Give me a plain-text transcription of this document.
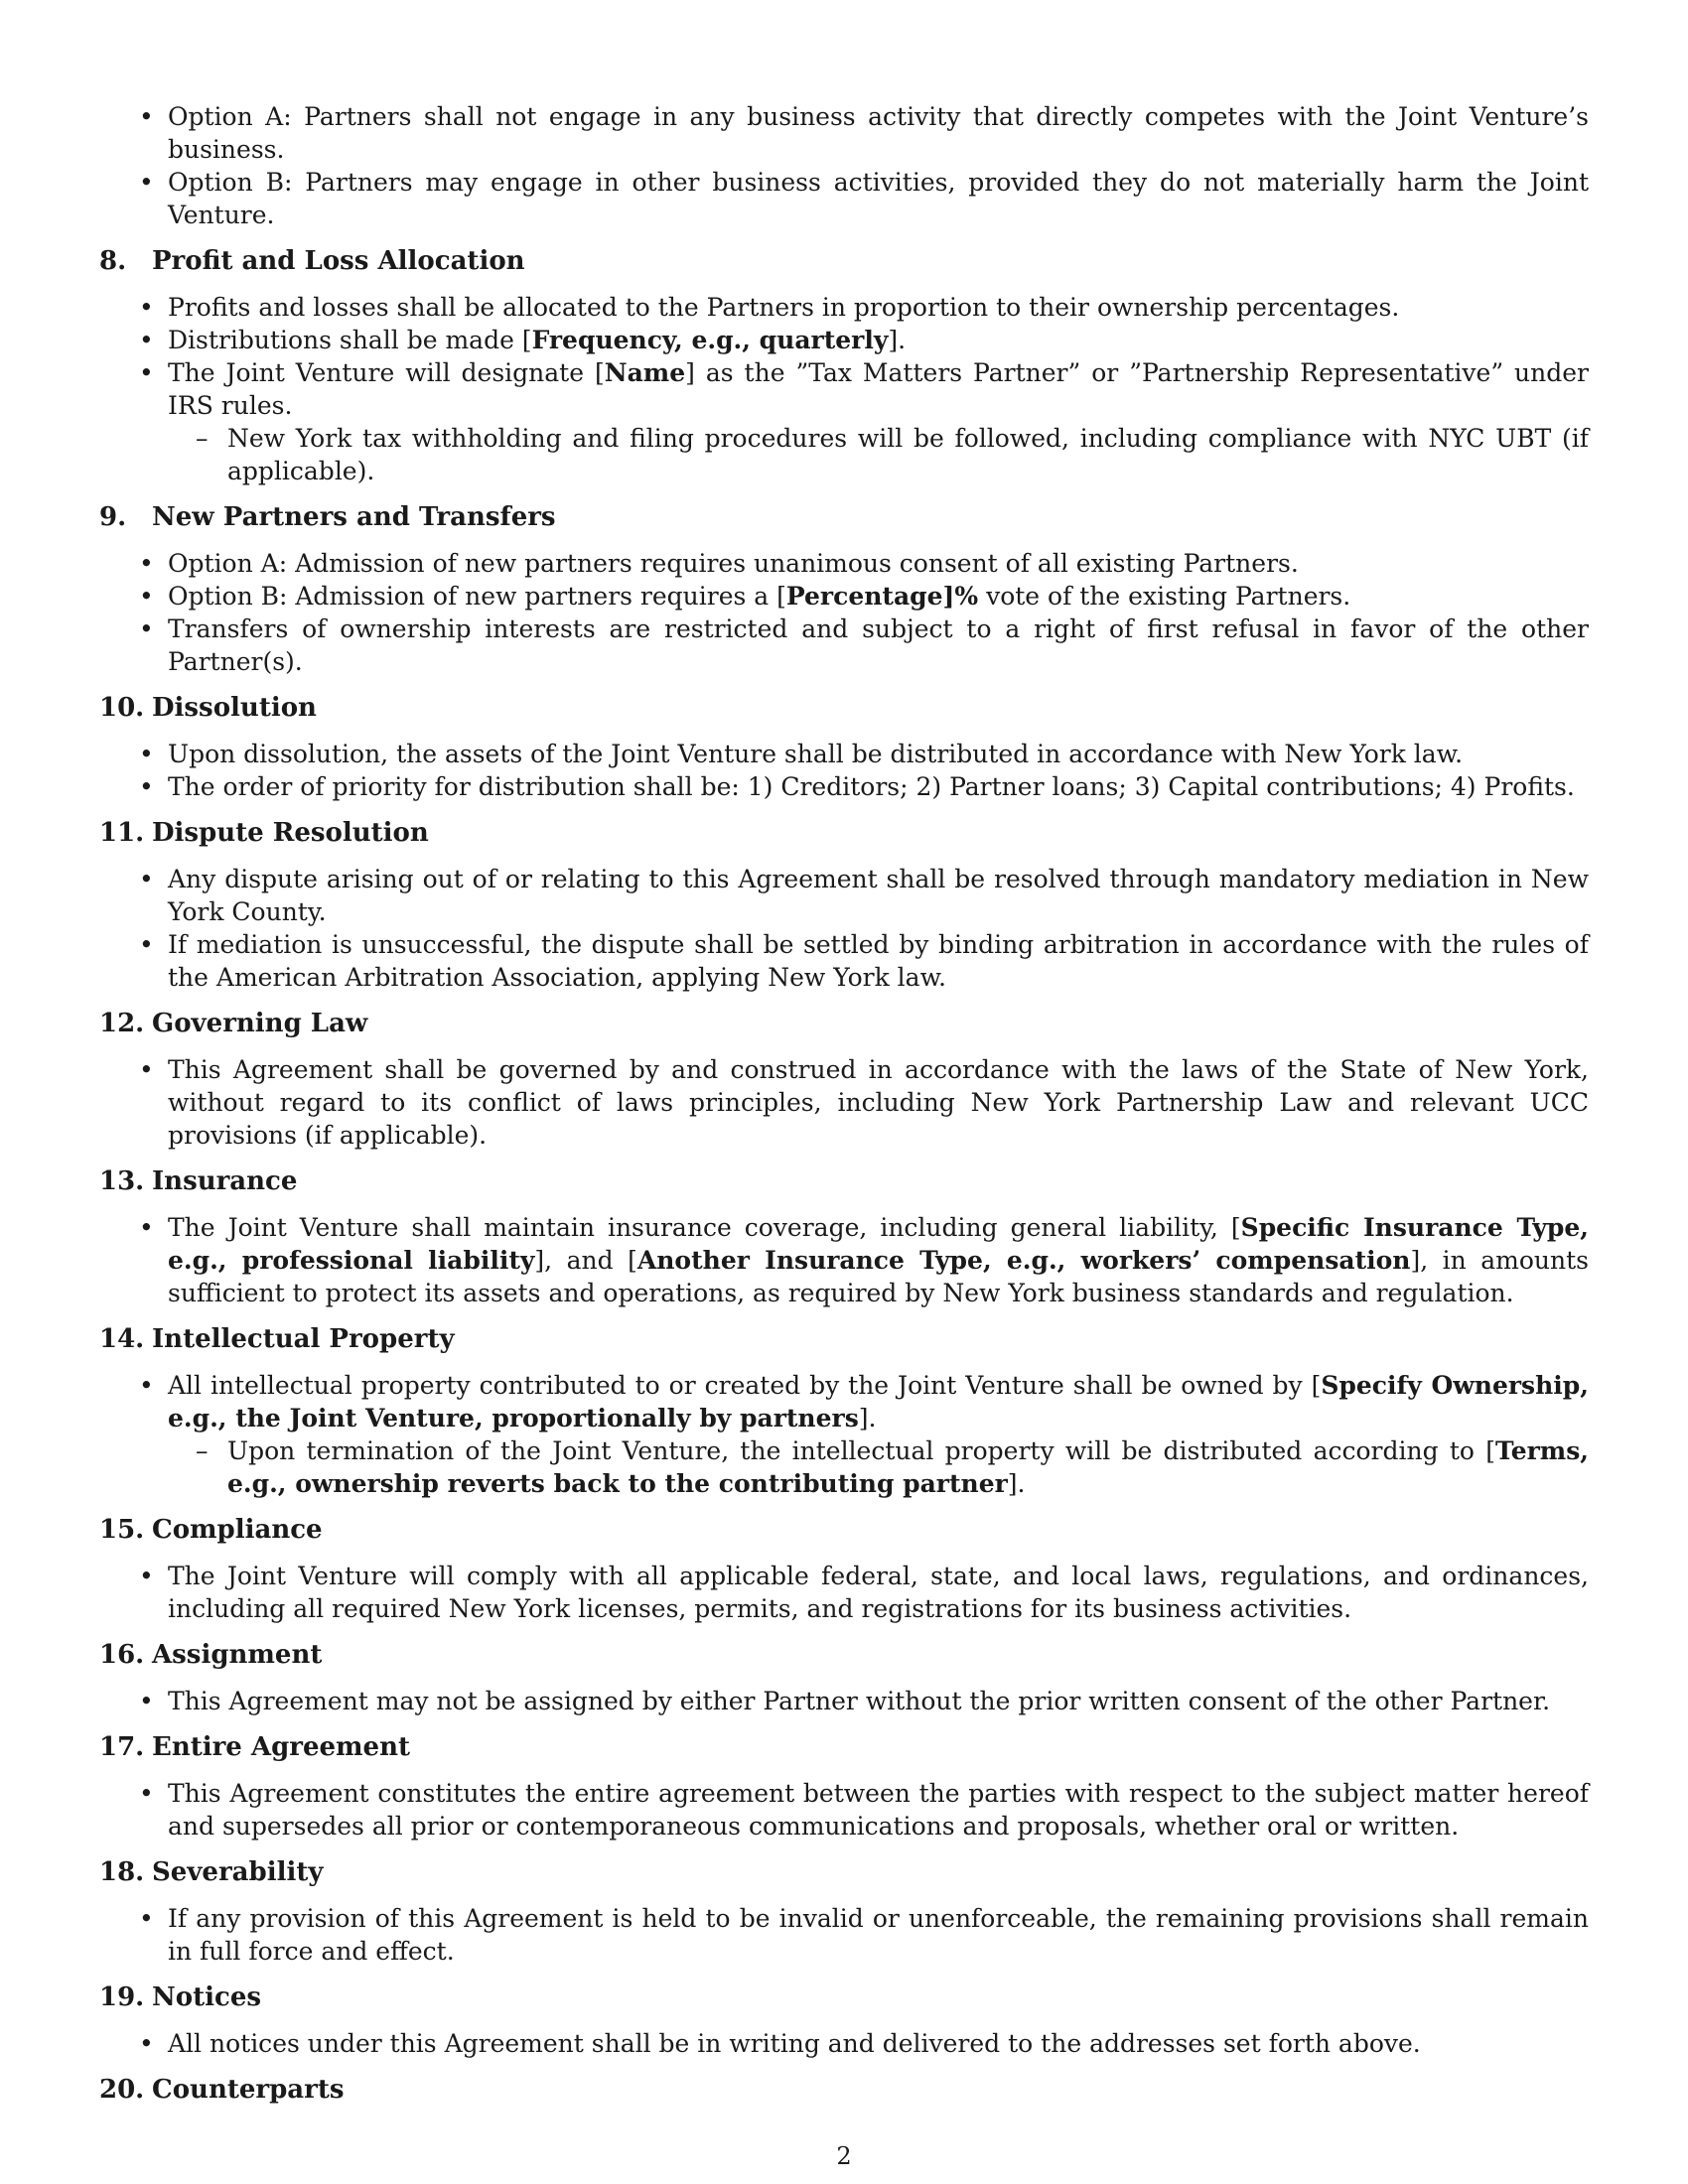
• Option A: Partners shall not engage in any business activity that directly competes with the Joint Venture’s business.
• Option B: Partners may engage in other business activities, provided they do not materially harm the Joint Venture.
8. Profit and Loss Allocation
• Profits and losses shall be allocated to the Partners in proportion to their ownership percentages.
• Distributions shall be made [Frequency, e.g., quarterly].
• The Joint Venture will designate [Name] as the ”Tax Matters Partner” or ”Partnership Representative” under IRS rules.
– New York tax withholding and filing procedures will be followed, including compliance with NYC UBT (if applicable).
9. New Partners and Transfers
• Option A: Admission of new partners requires unanimous consent of all existing Partners.
• Option B: Admission of new partners requires a [Percentage]% vote of the existing Partners.
• Transfers of ownership interests are restricted and subject to a right of first refusal in favor of the other Partner(s).
10. Dissolution
• Upon dissolution, the assets of the Joint Venture shall be distributed in accordance with New York law.
• The order of priority for distribution shall be: 1) Creditors; 2) Partner loans; 3) Capital contributions; 4) Profits.
11. Dispute Resolution
• Any dispute arising out of or relating to this Agreement shall be resolved through mandatory mediation in New York County.
• If mediation is unsuccessful, the dispute shall be settled by binding arbitration in accordance with the rules of the American Arbitration Association, applying New York law.
12. Governing Law
• This Agreement shall be governed by and construed in accordance with the laws of the State of New York, without regard to its conflict of laws principles, including New York Partnership Law and relevant UCC provisions (if applicable).
13. Insurance
• The Joint Venture shall maintain insurance coverage, including general liability, [Specific Insurance Type, e.g., professional liability], and [Another Insurance Type, e.g., workers’ compensation], in amounts sufficient to protect its assets and operations, as required by New York business standards and regulation.
14. Intellectual Property
• All intellectual property contributed to or created by the Joint Venture shall be owned by [Specify Ownership, e.g., the Joint Venture, proportionally by partners].
– Upon termination of the Joint Venture, the intellectual property will be distributed according to [Terms, e.g., ownership reverts back to the contributing partner].
15. Compliance
• The Joint Venture will comply with all applicable federal, state, and local laws, regulations, and ordinances, including all required New York licenses, permits, and registrations for its business activities.
16. Assignment
• This Agreement may not be assigned by either Partner without the prior written consent of the other Partner.
17. Entire Agreement
• This Agreement constitutes the entire agreement between the parties with respect to the subject matter hereof and supersedes all prior or contemporaneous communications and proposals, whether oral or written.
18. Severability
• If any provision of this Agreement is held to be invalid or unenforceable, the remaining provisions shall remain in full force and effect.
19. Notices
• All notices under this Agreement shall be in writing and delivered to the addresses set forth above.
20. Counterparts
2
